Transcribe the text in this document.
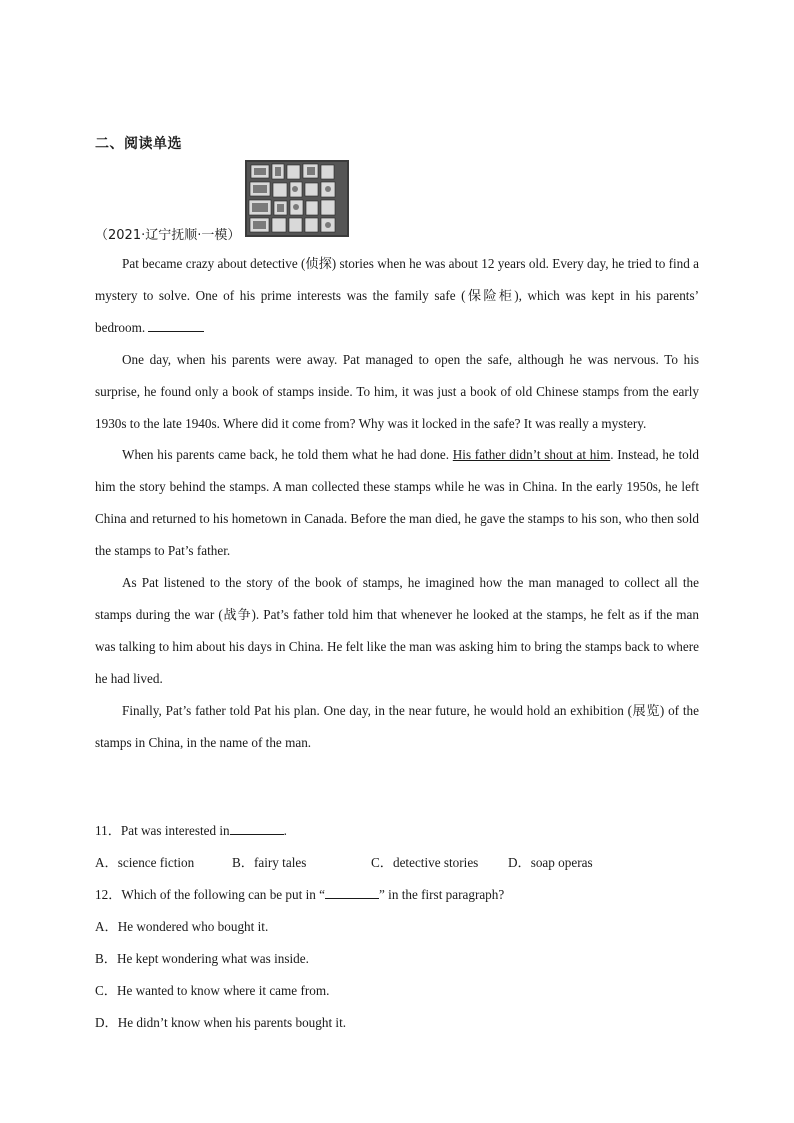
二、阅读单选
（2021·辽宁抚顺·一模）

Pat became crazy about detective (侦探) stories when he was about 12 years old. Every day, he tried to find a mystery to solve. One of his prime interests was the family safe (保险柜), which was kept in his parents’ bedroom.

One day, when his parents were away. Pat managed to open the safe, although he was nervous. To his surprise, he found only a book of stamps inside. To him, it was just a book of old Chinese stamps from the early 1930s to the late 1940s. Where did it come from? Why was it locked in the safe? It was really a mystery.

When his parents came back, he told them what he had done. His father didn’t shout at him. Instead, he told him the story behind the stamps. A man collected these stamps while he was in China. In the early 1950s, he left China and returned to his hometown in Canada. Before the man died, he gave the stamps to his son, who then sold the stamps to Pat’s father.

As Pat listened to the story of the book of stamps, he imagined how the man managed to collect all the stamps during the war (战争). Pat’s father told him that whenever he looked at the stamps, he felt as if the man was talking to him about his days in China. He felt like the man was asking him to bring the stamps back to where he had lived.

Finally, Pat’s father told Pat his plan. One day, in the near future, he would hold an exhibition (展览) of the stamps in China, in the name of the man.

11．Pat was interested in	.
A．science fiction	B．fairy tales	C．detective stories	D．soap operas
12．Which of the following can be put in “	” in the first paragraph?
A．He wondered who bought it.
B．He kept wondering what was inside.
C．He wanted to know where it came from.
D．He didn’t know when his parents bought it.
